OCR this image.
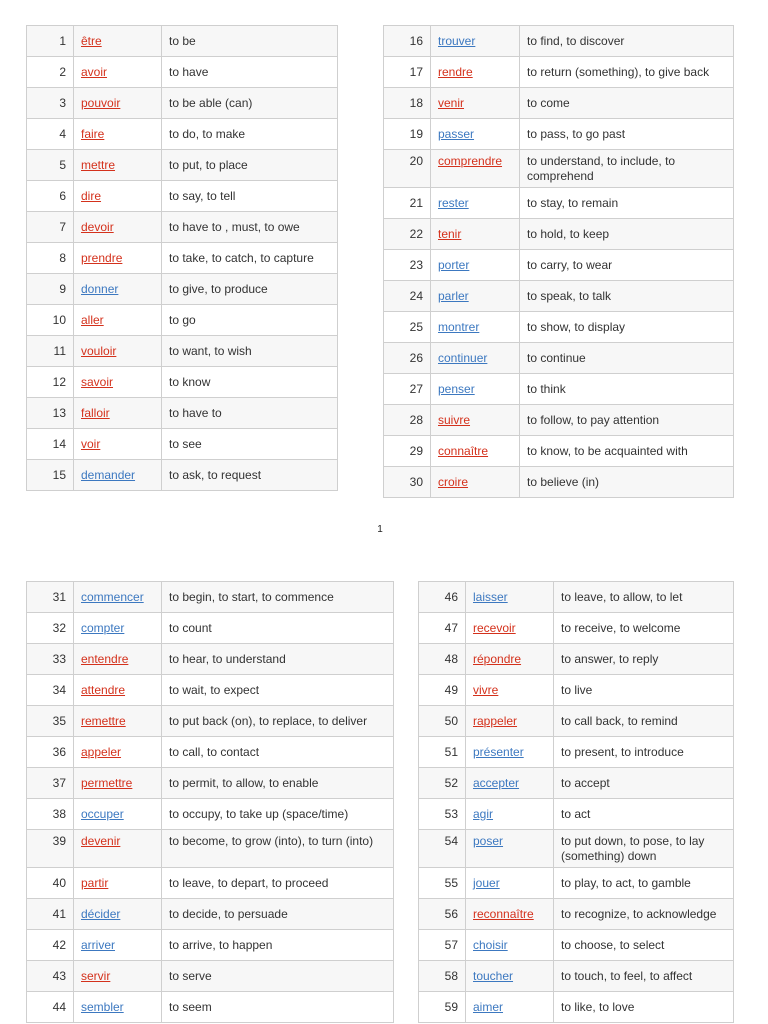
1	être	to be
2	avoir	to have
3	pouvoir	to be able (can)
4	faire	to do, to make
5	mettre	to put, to place
6	dire	to say, to tell
7	devoir	to have to , must, to owe
8	prendre	to take, to catch, to capture
9	donner	to give, to produce
10	aller	to go
11	vouloir	to want, to wish
12	savoir	to know
13	falloir	to have to
14	voir	to see
15	demander	to ask, to request
16	trouver	to find, to discover
17	rendre	to return (something), to give back
18	venir	to come
19	passer	to pass, to go past
20	comprendre	to understand, to include, to comprehend
21	rester	to stay, to remain
22	tenir	to hold, to keep
23	porter	to carry, to wear
24	parler	to speak, to talk
25	montrer	to show, to display
26	continuer	to continue
27	penser	to think
28	suivre	to follow, to pay attention
29	connaître	to know, to be acquainted with
30	croire	to believe (in)
1
31	commencer	to begin, to start, to commence
32	compter	to count
33	entendre	to hear, to understand
34	attendre	to wait, to expect
35	remettre	to put back (on), to replace, to deliver
36	appeler	to call, to contact
37	permettre	to permit, to allow, to enable
38	occuper	to occupy, to take up (space/time)
39	devenir	to become, to grow (into), to turn (into)
40	partir	to leave, to depart, to proceed
41	décider	to decide, to persuade
42	arriver	to arrive, to happen
43	servir	to serve
44	sembler	to seem
46	laisser	to leave, to allow, to let
47	recevoir	to receive, to welcome
48	répondre	to answer, to reply
49	vivre	to live
50	rappeler	to call back, to remind
51	présenter	to present, to introduce
52	accepter	to accept
53	agir	to act
54	poser	to put down, to pose, to lay (something) down
55	jouer	to play, to act, to gamble
56	reconnaître	to recognize, to acknowledge
57	choisir	to choose, to select
58	toucher	to touch, to feel, to affect
59	aimer	to like, to love
